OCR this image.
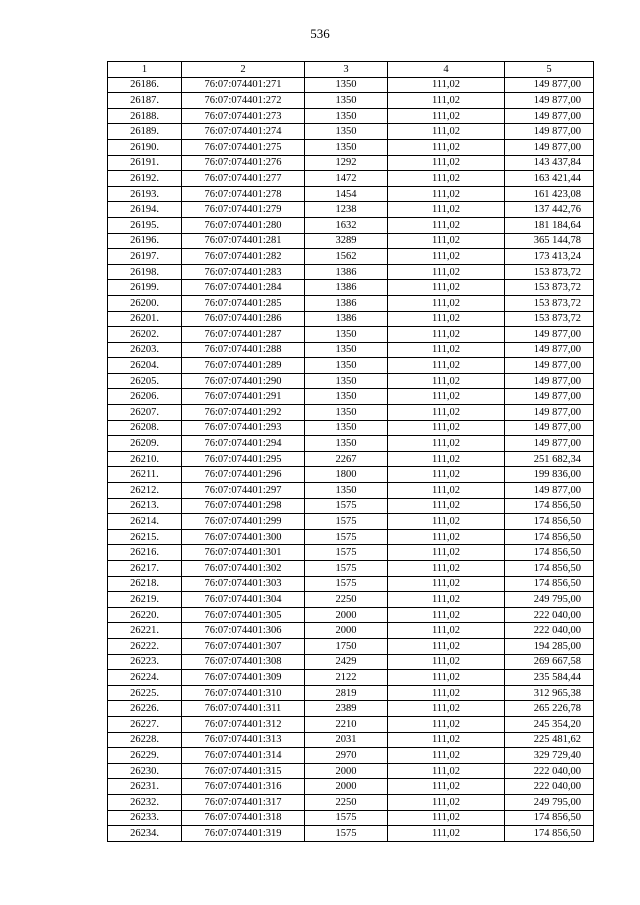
536
1	2	3	4	5
26186.	76:07:074401:271	1350	111,02	149 877,00
26187.	76:07:074401:272	1350	111,02	149 877,00
26188.	76:07:074401:273	1350	111,02	149 877,00
26189.	76:07:074401:274	1350	111,02	149 877,00
26190.	76:07:074401:275	1350	111,02	149 877,00
26191.	76:07:074401:276	1292	111,02	143 437,84
26192.	76:07:074401:277	1472	111,02	163 421,44
26193.	76:07:074401:278	1454	111,02	161 423,08
26194.	76:07:074401:279	1238	111,02	137 442,76
26195.	76:07:074401:280	1632	111,02	181 184,64
26196.	76:07:074401:281	3289	111,02	365 144,78
26197.	76:07:074401:282	1562	111,02	173 413,24
26198.	76:07:074401:283	1386	111,02	153 873,72
26199.	76:07:074401:284	1386	111,02	153 873,72
26200.	76:07:074401:285	1386	111,02	153 873,72
26201.	76:07:074401:286	1386	111,02	153 873,72
26202.	76:07:074401:287	1350	111,02	149 877,00
26203.	76:07:074401:288	1350	111,02	149 877,00
26204.	76:07:074401:289	1350	111,02	149 877,00
26205.	76:07:074401:290	1350	111,02	149 877,00
26206.	76:07:074401:291	1350	111,02	149 877,00
26207.	76:07:074401:292	1350	111,02	149 877,00
26208.	76:07:074401:293	1350	111,02	149 877,00
26209.	76:07:074401:294	1350	111,02	149 877,00
26210.	76:07:074401:295	2267	111,02	251 682,34
26211.	76:07:074401:296	1800	111,02	199 836,00
26212.	76:07:074401:297	1350	111,02	149 877,00
26213.	76:07:074401:298	1575	111,02	174 856,50
26214.	76:07:074401:299	1575	111,02	174 856,50
26215.	76:07:074401:300	1575	111,02	174 856,50
26216.	76:07:074401:301	1575	111,02	174 856,50
26217.	76:07:074401:302	1575	111,02	174 856,50
26218.	76:07:074401:303	1575	111,02	174 856,50
26219.	76:07:074401:304	2250	111,02	249 795,00
26220.	76:07:074401:305	2000	111,02	222 040,00
26221.	76:07:074401:306	2000	111,02	222 040,00
26222.	76:07:074401:307	1750	111,02	194 285,00
26223.	76:07:074401:308	2429	111,02	269 667,58
26224.	76:07:074401:309	2122	111,02	235 584,44
26225.	76:07:074401:310	2819	111,02	312 965,38
26226.	76:07:074401:311	2389	111,02	265 226,78
26227.	76:07:074401:312	2210	111,02	245 354,20
26228.	76:07:074401:313	2031	111,02	225 481,62
26229.	76:07:074401:314	2970	111,02	329 729,40
26230.	76:07:074401:315	2000	111,02	222 040,00
26231.	76:07:074401:316	2000	111,02	222 040,00
26232.	76:07:074401:317	2250	111,02	249 795,00
26233.	76:07:074401:318	1575	111,02	174 856,50
26234.	76:07:074401:319	1575	111,02	174 856,50
